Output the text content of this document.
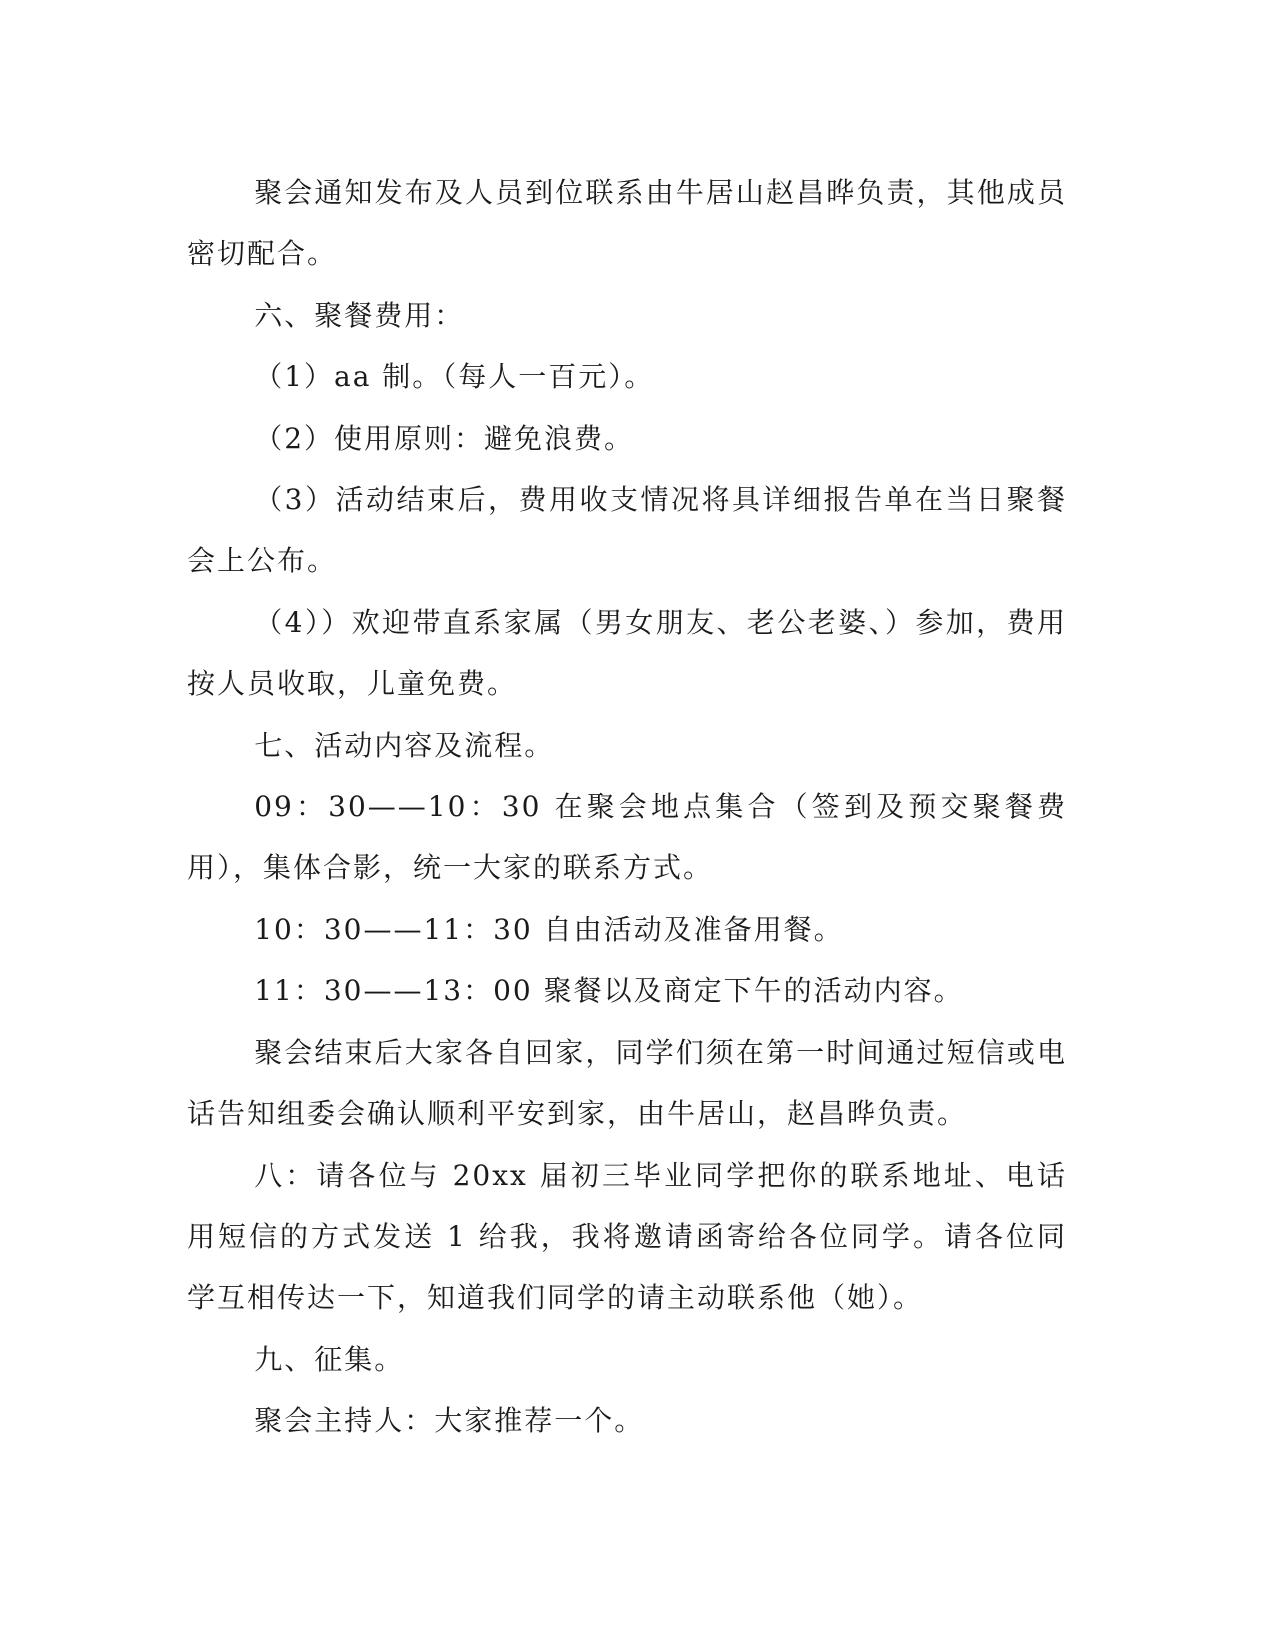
聚会通知发布及人员到位联系由牛居山赵昌晔负责，其他成员密切配合。

六、聚餐费用：

（1）aa 制。（每人一百元）。

（2）使用原则：避免浪费。

（3）活动结束后，费用收支情况将具详细报告单在当日聚餐会上公布。

（4））欢迎带直系家属（男女朋友、老公老婆、）参加，费用按人员收取，儿童免费。

七、活动内容及流程。

09：30——10：30 在聚会地点集合（签到及预交聚餐费用），集体合影，统一大家的联系方式。

10：30——11：30 自由活动及准备用餐。

11：30——13：00 聚餐以及商定下午的活动内容。

聚会结束后大家各自回家，同学们须在第一时间通过短信或电话告知组委会确认顺利平安到家，由牛居山，赵昌晔负责。

八：请各位与 20xx 届初三毕业同学把你的联系地址、电话用短信的方式发送 1 给我，我将邀请函寄给各位同学。请各位同学互相传达一下，知道我们同学的请主动联系他（她）。

九、征集。

聚会主持人：大家推荐一个。
